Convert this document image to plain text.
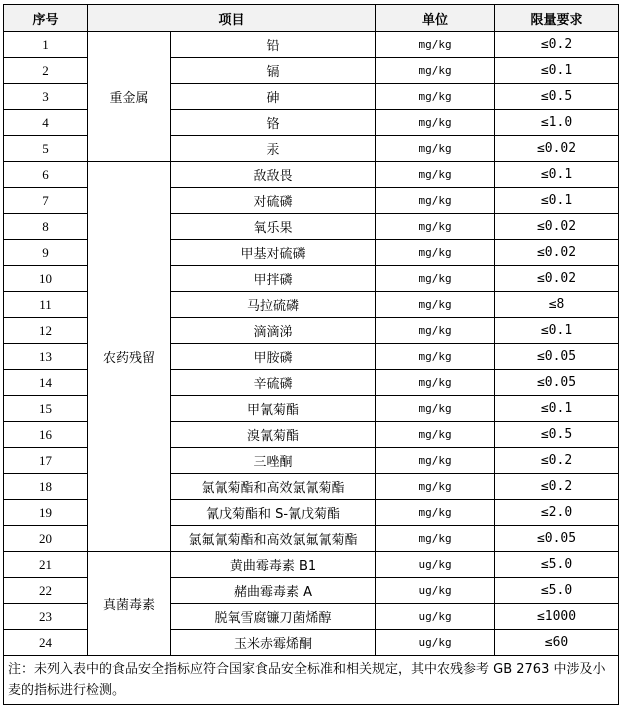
序号	项目		单位	限量要求
1	重金属	铅	mg/kg	≤0.2
2		镉	mg/kg	≤0.1
3		砷	mg/kg	≤0.5
4		铬	mg/kg	≤1.0
5		汞	mg/kg	≤0.02
6	农药残留	敌敌畏	mg/kg	≤0.1
7		对硫磷	mg/kg	≤0.1
8		氧乐果	mg/kg	≤0.02
9		甲基对硫磷	mg/kg	≤0.02
10		甲拌磷	mg/kg	≤0.02
11		马拉硫磷	mg/kg	≤8
12		滴滴涕	mg/kg	≤0.1
13		甲胺磷	mg/kg	≤0.05
14		辛硫磷	mg/kg	≤0.05
15		甲氰菊酯	mg/kg	≤0.1
16		溴氰菊酯	mg/kg	≤0.5
17		三唑酮	mg/kg	≤0.2
18		氯氰菊酯和高效氯氰菊酯	mg/kg	≤0.2
19		氰戊菊酯和 S-氰戊菊酯	mg/kg	≤2.0
20		氯氟氰菊酯和高效氯氟氰菊酯	mg/kg	≤0.05
21	真菌毒素	黄曲霉毒素 B1	ug/kg	≤5.0
22		赭曲霉毒素 A	ug/kg	≤5.0
23		脱氧雪腐镰刀菌烯醇	ug/kg	≤1000
24		玉米赤霉烯酮	ug/kg	≤60
注：未列入表中的食品安全指标应符合国家食品安全标准和相关规定，其中农残参考 GB 2763 中涉及小麦的指标进行检测。				
